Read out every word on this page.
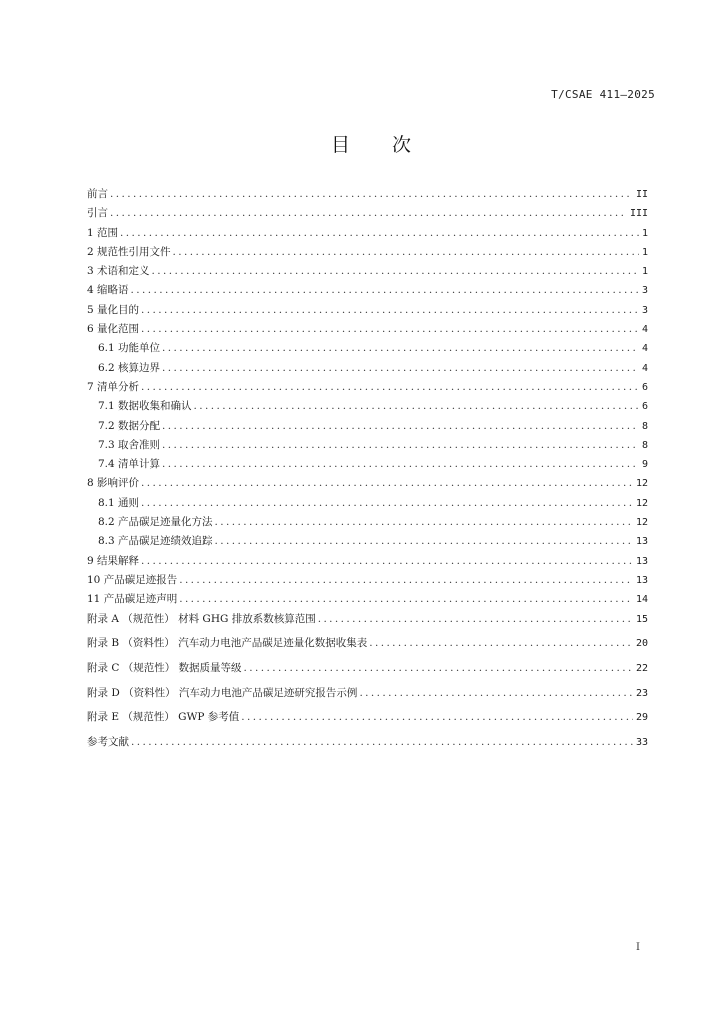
T/CSAE 411—2025
目 次
前言 .....	II
引言 .....	III
1 范围 .....	1
2 规范性引用文件 .....	1
3 术语和定义 .....	1
4 缩略语 .....	3
5 量化目的 .....	3
6 量化范围 .....	4
6.1 功能单位 .....	4
6.2 核算边界 .....	4
7 清单分析 .....	6
7.1 数据收集和确认 .....	6
7.2 数据分配 .....	8
7.3 取舍准则 .....	8
7.4 清单计算 .....	9
8 影响评价 .....	12
8.1 通则 .....	12
8.2 产品碳足迹量化方法 .....	12
8.3 产品碳足迹绩效追踪 .....	13
9 结果解释 .....	13
10 产品碳足迹报告 .....	13
11 产品碳足迹声明 .....	14
附录 A （规范性） 材料 GHG 排放系数核算范围 .....	15
附录 B （资料性） 汽车动力电池产品碳足迹量化数据收集表 .....	20
附录 C （规范性） 数据质量等级 .....	22
附录 D （资料性） 汽车动力电池产品碳足迹研究报告示例 .....	23
附录 E （规范性） GWP 参考值 .....	29
参考文献 .....	33
I
